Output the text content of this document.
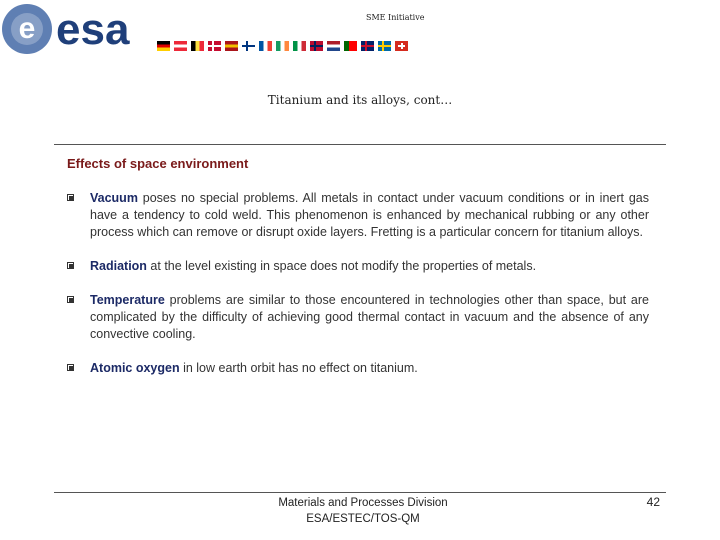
e esa	SME Initiative
Titanium and its alloys, cont…
Effects of space environment
Vacuum poses no special problems. All metals in contact under vacuum conditions or in inert gas have a tendency to cold weld. This phenomenon is enhanced by mechanical rubbing or any other process which can remove or disrupt oxide layers. Fretting is a particular concern for titanium alloys.
Radiation at the level existing in space does not modify the properties of metals.
Temperature problems are similar to those encountered in technologies other than space, but are complicated by the difficulty of achieving good thermal contact in vacuum and the absence of any convective cooling.
Atomic oxygen in low earth orbit has no effect on titanium.
Materials and Processes Division
ESA/ESTEC/TOS-QM
42
